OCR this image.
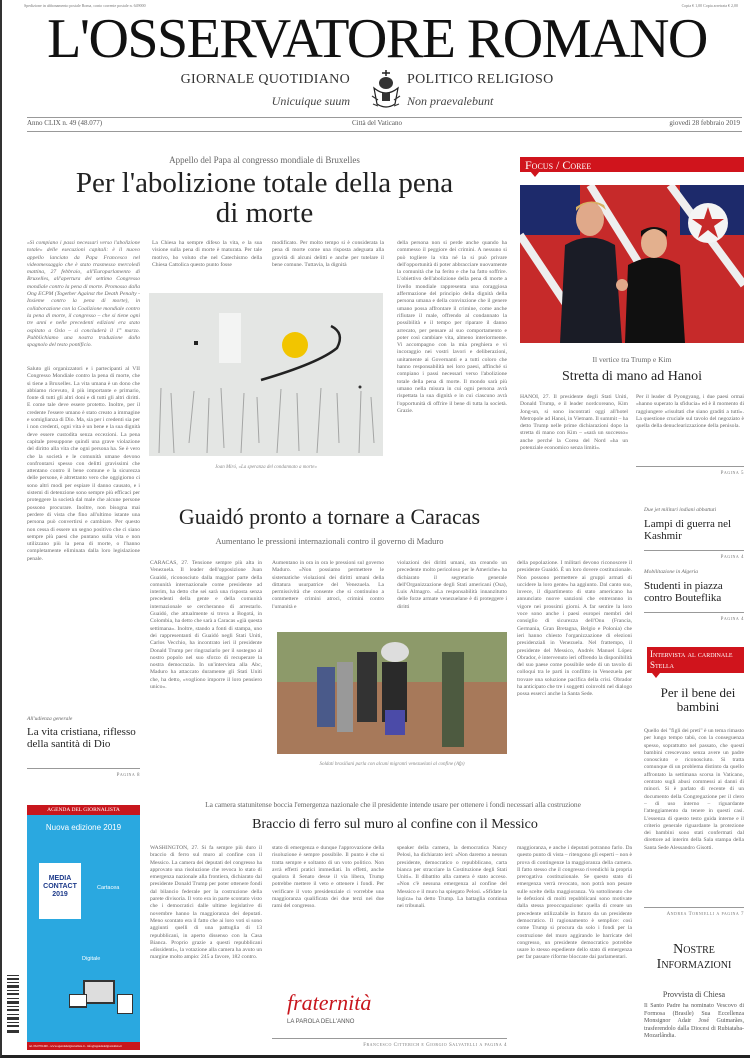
Spedizione in abbonamento postale Roma, conto corrente postale n. 649000	Copia € 1,00 Copia arretrata € 2,00
L'OSSERVATORE ROMANO
GIORNALE QUOTIDIANO	POLITICO RELIGIOSO
Unicuique suum	Non praevalebunt
Anno CLIX n. 49 (48.077)	Città del Vaticano	giovedì 28 febbraio 2019
Appello del Papa al congresso mondiale di Bruxelles
Per l'abolizione totale della pena di morte
«Si compiano i passi necessari verso l'abolizione totale» delle esecuzioni capitali: è il nuovo appello lanciato da Papa Francesco nel videomessaggio che è stato trasmesso mercoledì mattina, 27 febbraio, all'Europarlamento di Bruxelles, all'apertura del settimo Congresso mondiale contro la pena di morte. Promosso dalla Ong ECPM (Together Against the Death Penalty - Insieme contro la pena di morte), in collaborazione con la Coalizione mondiale contro la pena di morte, il congresso – che si tiene ogni tre anni e nelle precedenti edizioni era stato ospitato a Oslo – si concluderà il 1° marzo. Pubblichiamo una nostra traduzione dallo spagnolo del testo pontificio.
Saluto gli organizzatori e i partecipanti al VII Congresso Mondiale contro la pena di morte, che si tiene a Bruxelles. La vita umana è un dono che abbiamo ricevuto, il più importante e primario, fonte di tutti gli altri doni e di tutti gli altri diritti. E come tale deve essere protetto. Inoltre, per il credente l'essere umano è stato creato a immagine e somiglianza di Dio. Ma, sia per i credenti sia per i non credenti, ogni vita è un bene e la sua dignità deve essere custodita senza eccezioni. La pena capitale presuppone quindi una grave violazione del diritto alla vita che ogni persona ha. Se è vero che la società e le comunità umane devono confrontarsi spesso con delitti gravissimi che attentano contro il bene comune e la sicurezza delle persone, è altrettanto vero che oggigiorno ci sono altri modi per espiare il danno causato, e i sistemi di detenzione sono sempre più efficaci per proteggere la società dal male che alcune persone possono procurare. Inoltre, non bisogna mai perdere di vista che fino all'ultimo istante una persona può convertirsi e cambiare. Per questo non cessa di essere un segno positivo che ci siano sempre più paesi che puntano sulla vita e non utilizzano più la pena di morte, o l'hanno completamente eliminata dalla loro legislazione penale.
La Chiesa ha sempre difeso la vita, e la sua visione sulla pena di morte è maturata. Per tale motivo, ho voluto che nel Catechismo della Chiesa Cattolica questo punto fosse
modificato. Per molto tempo si è considerata la pena di morte come una risposta adeguata alla gravità di alcuni delitti e anche per tutelare il bene comune. Tuttavia, la dignità
della persona non si perde anche quando ha commesso il peggiore dei crimini. A nessuno si può togliere la vita né la si può privare dell'opportunità di poter abbracciare nuovamente la comunità che ha ferito e che ha fatto soffrire. L'obiettivo dell'abolizione della pena di morte a livello mondiale rappresenta una coraggiosa affermazione del principio della dignità della persona umana e della convinzione che il genere umano possa affrontare il crimine, come anche rifiutare il male, offrendo al condannato la possibilità e il tempo per riparare il danno arrecato, per pensare al suo comportamento e poter così cambiare vita, almeno interiormente. Vi accompagno con la mia preghiera e vi incoraggio nei vostri lavori e deliberazioni, unitamente ai Governanti e a tutti coloro che hanno responsabilità nei loro paesi, affinché si compiano i passi necessari verso l'abolizione totale della pena di morte. Il mondo sarà più umano nella misura in cui ogni persona avrà rispettata la sua dignità e in cui ciascuno avrà l'opportunità di offrire il bene di tutta la società. Grazie.
Joan Miró, «La speranza del condannato a morte»
All'udienza generale
La vita cristiana, riflesso della santità di Dio
Pagina 8
Focus / Coree
Il vertice tra Trump e Kim
Stretta di mano ad Hanoi
HANOI, 27. Il presidente degli Stati Uniti, Donald Trump, e il leader nordcoreano, Kim Jong-un, si sono incontrati oggi all'hotel Metropole ad Hanoi, in Vietnam. Il summit – ha detto Trump nelle prime dichiarazioni dopo la stretta di mano con Kim – «sarà un successo» anche perché la Corea del Nord «ha un potenziale economico senza limiti».
Per il leader di Pyongyang, i due paesi ormai «hanno superato la sfiducia» ed è il momento di raggiungere «risultati che siano graditi a tutti». La questione cruciale sul tavolo del negoziato è quella della denuclearizzazione della penisola.
Pagina 5
Guaidó pronto a tornare a Caracas
Aumentano le pressioni internazionali contro il governo di Maduro
CARACAS, 27. Tensione sempre più alta in Venezuela. Il leader dell'opposizione Juan Guaidó, riconosciuto dalla maggior parte della comunità internazionale come presidente ad interim, ha detto che sei sarà una risposta senza precedenti della gente e della comunità internazionale se cercheranno di arrestarlo. Guaidó, che attualmente si trova a Bogotá, in Colombia, ha detto che sarà a Caracas «già questa settimana». Inoltre, stando a fonti di stampa, uno dei rappresentanti di Guaidó negli Stati Uniti, Carlos Vecchio, ha incontrato ieri il presidente Donald Trump per ringraziarlo per il sostegno al nostro popolo nel suo sforzo di recuperare la nostra democrazia. In un'intervista alla Abc, Maduro ha attaccato duramente gli Stati Uniti che, ha detto, «vogliono imporre il loro pensiero unico».
Aumentano in ora in ora le pressioni sul governo Maduro. «Non possiamo permettere le sistematiche violazioni dei diritti umani della dittatura usurpatrice del Venezuela. La permissività che consente che si continuino a commettere crimini atroci, crimini contro l'umanità e
violazioni dei diritti umani, sta creando un precedente molto pericoloso per le Americhe» ha dichiarato il segretario generale dell'Organizzazione degli Stati americani (Osa), Luis Almagro. «La responsabilità innanzitutto delle forze armate venezuelane è di proteggere i diritti
della popolazione. I militari devono riconoscere il presidente Guaidó. È un loro dovere costituzionale. Non possono permettere ai gruppi armati di uccidere la loro gente» ha aggiunto. Dal canto suo, invece, il dipartimento di stato americano ha annunciato nuove sanzioni che entreranno in vigore nei prossimi giorni. A far sentire la loro voce sono anche i paesi europei membri del consiglio di sicurezza dell'Onu (Francia, Germania, Gran Bretagna, Belgio e Polonia) che ieri hanno chiesto l'organizzazione di elezioni presidenziali in Venezuela. Nel frattempo, il presidente del Messico, Andrés Manuel López Obrador, è intervenuto ieri offrendo la disponibilità del suo paese come possibile sede di un tavolo di colloqui tra le parti in conflitto in Venezuela per trovare una soluzione pacifica della crisi. Obrador ha anticipato che tre i soggetti coinvolti nel dialogo possa esserci anche la Santa Sede.
Soldati brasiliani parla con alcuni migranti venezuelani al confine (Afp)
Due jet militari indiani abbattuti
Lampi di guerra nel Kashmir
Pagina 4
Mobilitazione in Algeria
Studenti in piazza contro Bouteflika
Pagina 4
Intervista al cardinale Stella
Per il bene dei bambini
Quello dei "figli dei preti" è un tema rimasto per lungo tempo tabù, con la conseguenza spesso, soprattutto nel passato, che questi bambini crescevano senza avere un padre conosciuto e riconosciuto. Si tratta comunque di un problema distinto da quello affrontato la settimana scorsa in Vaticano, centrato sugli abusi commessi ai danni di minori. Si è parlato di recente di un documento della Congregazione per il clero – di uso interno – riguardante l'atteggiamento da tenere in questi casi. L'essenza di questo testo guida interne e il criterio generale riguardante la protezione dei bambini sono stati confermati dal direttore ad interim della Sala stampa della Santa Sede Alessandro Gisotti.
Andrea Tornielli a pagina 7
Nostre Informazioni
Provvista di Chiesa
Il Santo Padre ha nominato Vescovo di Formosa (Brasile) Sua Eccellenza Monsignor Adair José Guimarães, trasferendolo dalla Diocesi di Rubiataba-Mozarlândia.
AGENDA DEL GIORNALISTA
Nuova edizione 2019
MEDIA CONTACT 2019
Cartacea
Digitale
tel. 06.0781490 - www.agendadelgiornalista.it - info@agendadelgiornalista.it
La camera statunitense boccia l'emergenza nazionale che il presidente intende usare per ottenere i fondi necessari alla costruzione
Braccio di ferro sul muro al confine con il Messico
WASHINGTON, 27. Si fa sempre più duro il braccio di ferro sul muro al confine con il Messico. La camera dei deputati del congresso ha approvato una risoluzione che revoca lo stato di emergenza nazionale alla frontiera, dichiarato dal presidente Donald Trump per poter ottenere fondi dal bilancio federale per la costruzione della parete divisoria. Il voto era in parte scontato visto che i democratici dalle ultime legislative di novembre hanno la maggioranza dei deputati. Meno scontato era il fatto che ai loro voti si sono aggiunti quelli di una pattuglia di 13 repubblicani, in aperto dissenso con la Casa Bianca. Proprio grazie a questi repubblicani «dissidenti», la votazione alla camera ha avuto un margine molto ampio: 245 a favore, 182 contro.
stato di emergenza e dunque l'approvazione della risoluzione è sempre possibile. Il punto è che si tratta sempre e soltanto di un voto politico. Non avrà effetti pratici immediati. In effetti, anche qualora il Senato desse il via libera, Trump potrebbe mettere il veto e ottenere i fondi. Per verificare il voto presidenziale ci vorrebbe una maggioranza qualificata dei due terzi nei due rami del congresso.
speaker della camera, la democratica Nancy Pelosi, ha dichiarato ieri: «Non daremo a nessun presidente, democratico o repubblicano, carta bianca per stracciare la Costituzione degli Stati Uniti». Il dibattito alla camera è stato acceso. «Non c'è nessuna emergenza al confine del Messico e il muro ha spiegato Pelosi. «Sfidate la logica» ha detto Trump. La battaglia continua nei tribunali.
maggioranza, e anche i deputati potranno farlo. Da questo punto di vista – ritengono gli esperti – non è prova di contingenze la maggioranza della camera. Il fatto stesso che il congresso rivendichi la propria prerogativa costituzionale. Se questo stato di emergenza verrà revocato, non potrà non pesare sulle scelte della maggioranza. Va sottolineato che le defezioni di molti repubblicani sono motivate dalla stessa preoccupazione: quella di creare un precedente utilizzabile in futuro da un presidente democratico. Il ragionamento è semplice: così come Trump si procura da solo i fondi per la costruzione del muro aggirando le barricate del congresso, un presidente democratico potrebbe usare lo stesso espediente dello stato di emergenza per far passare riforme bloccate dai parlamentari.
fraternità
LA PAROLA DELL'ANNO
Francesco Citterich e Giorgio Salvatelli a pagina 4
